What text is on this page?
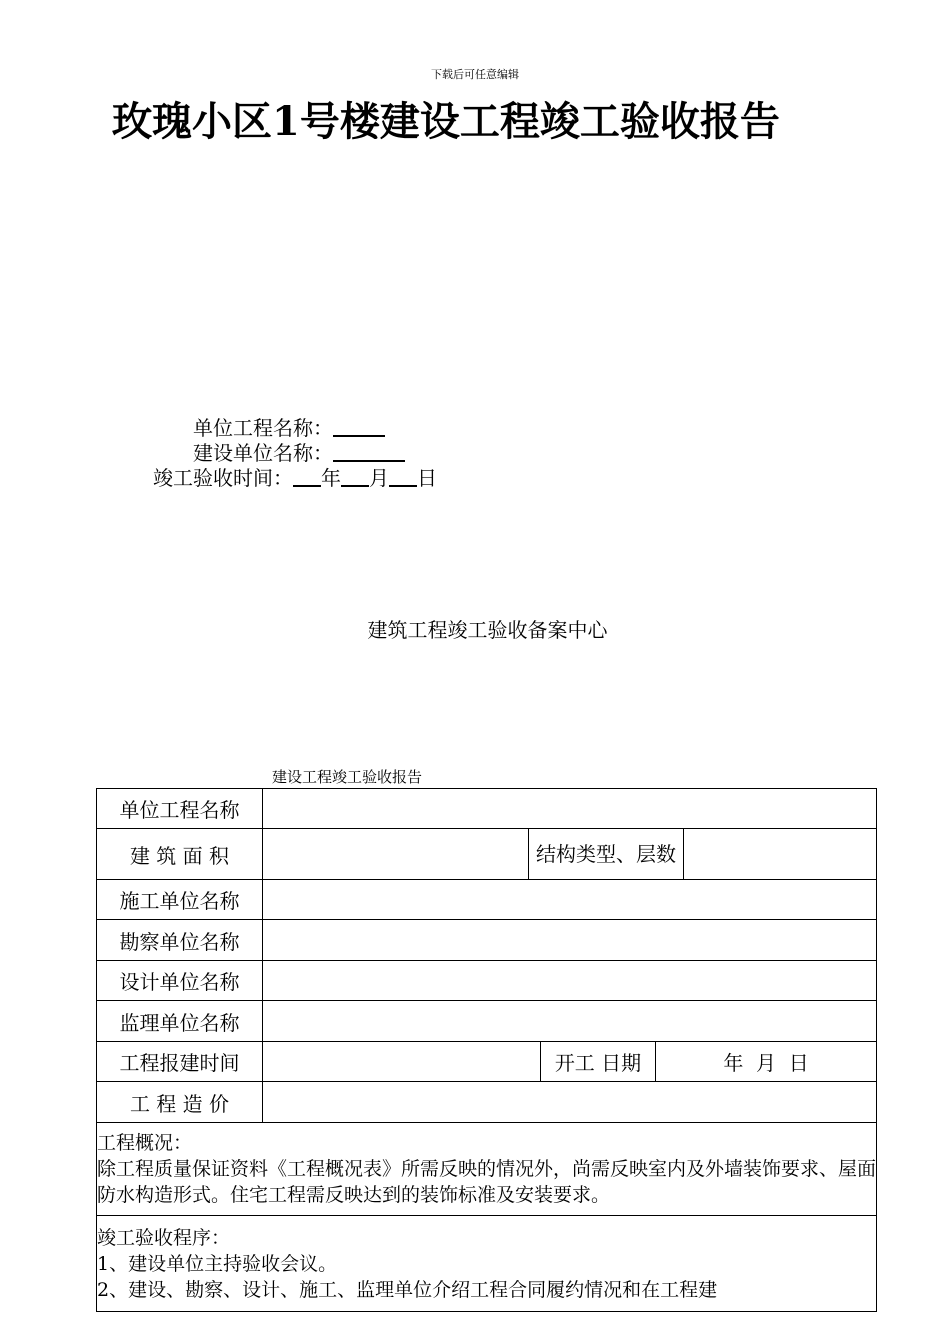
下载后可任意编辑
玫瑰小区1号楼建设工程竣工验收报告
单位工程名称：
建设单位名称：
竣工验收时间： 年 月 日
建筑工程竣工验收备案中心
建设工程竣工验收报告
单位工程名称					
建 筑 面 积		结构类型、层数			
施工单位名称					
勘察单位名称					
设计单位名称					
监理单位名称					
工程报建时间			开工 日期	年  月  日	
工 程 造 价					

工程概况：
除工程质量保证资料《工程概况表》所需反映的情况外，尚需反映室内及外墙装饰要求、屋面防水构造形式。住宅工程需反映达到的装饰标准及安装要求。					

竣工验收程序：
1、建设单位主持验收会议。
2、建设、勘察、设计、施工、监理单位介绍工程合同履约情况和在工程建					
